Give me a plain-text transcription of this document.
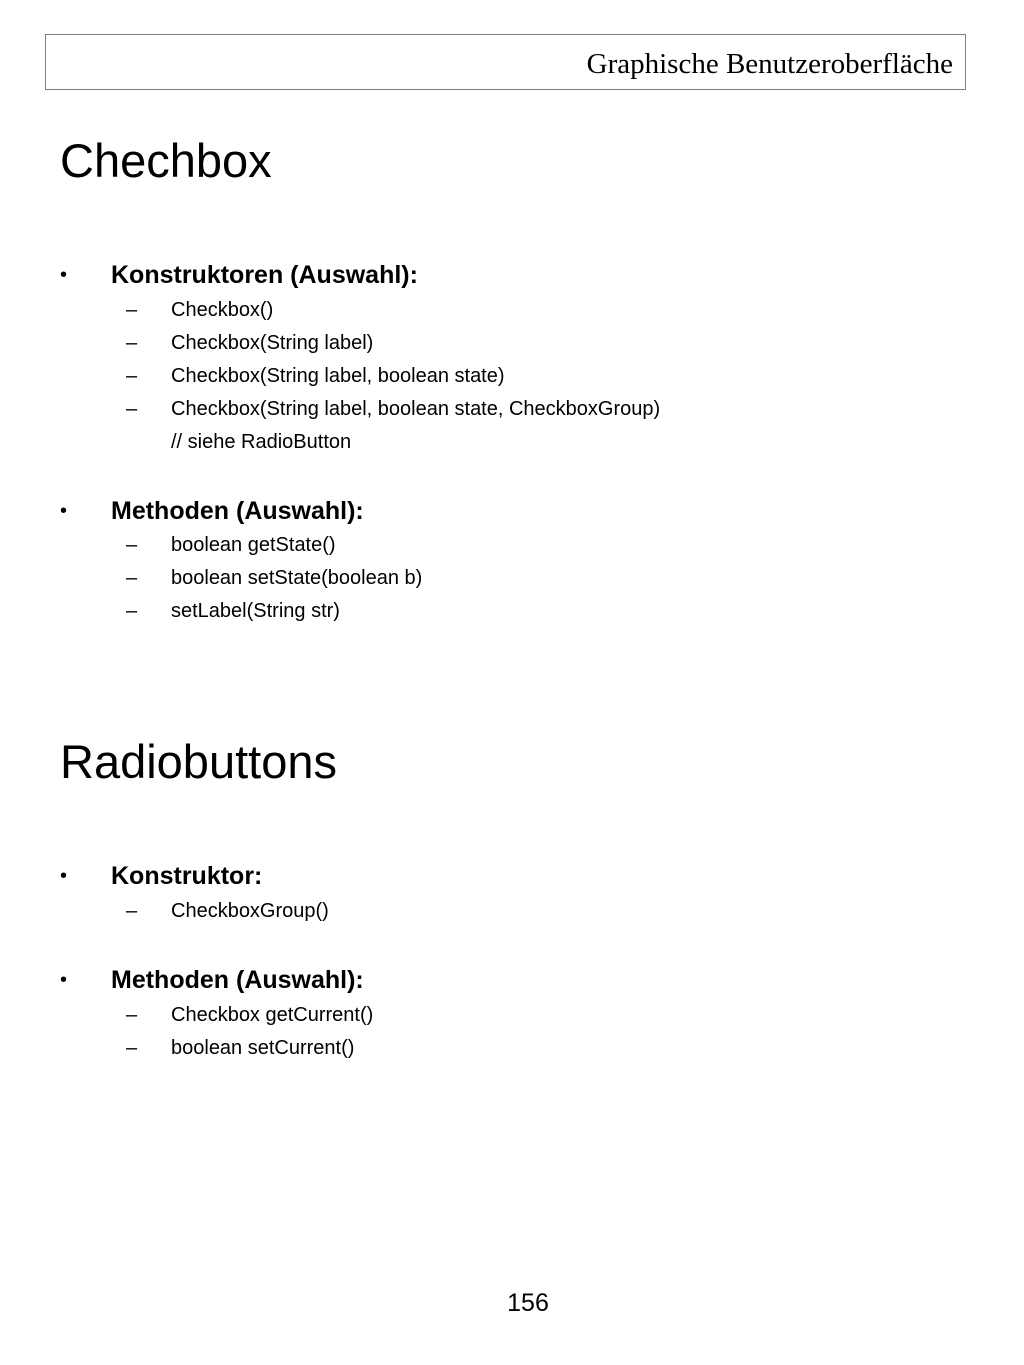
Graphische Benutzeroberfläche
Chechbox
• Konstruktoren (Auswahl):
– Checkbox()
– Checkbox(String label)
– Checkbox(String label, boolean state)
– Checkbox(String label, boolean state, CheckboxGroup)
// siehe RadioButton
• Methoden (Auswahl):
– boolean getState()
– boolean setState(boolean b)
– setLabel(String str)
Radiobuttons
• Konstruktor:
– CheckboxGroup()
• Methoden (Auswahl):
– Checkbox getCurrent()
– boolean setCurrent()
156
